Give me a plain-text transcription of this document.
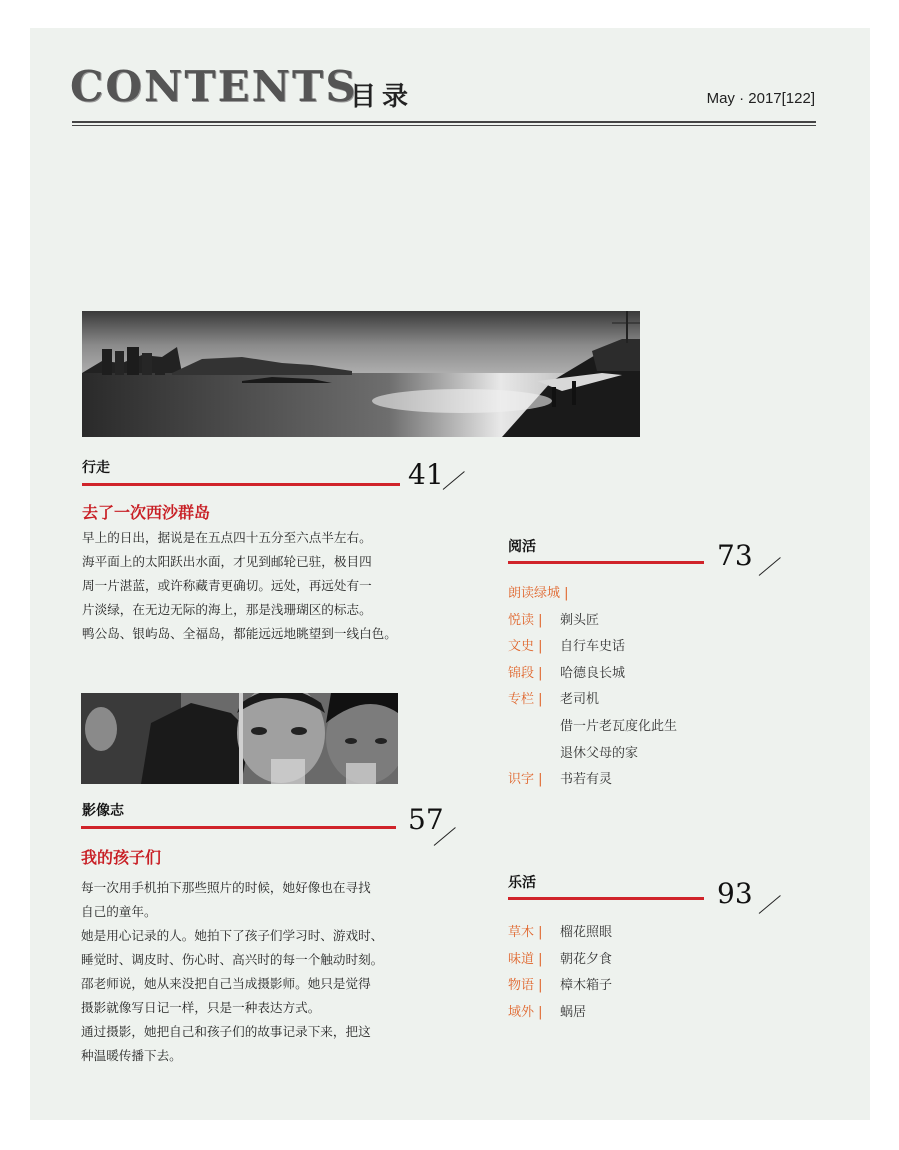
CONTENTS
目录	May · 2017[122]
行走	41
去了一次西沙群岛

早上的日出，据说是在五点四十五分至六点半左右。

海平面上的太阳跃出水面，才见到邮轮已驻，极目四

周一片湛蓝，或许称藏青更确切。远处，再远处有一

片淡绿，在无边无际的海上，那是浅珊瑚区的标志。

鸭公岛、银屿岛、全福岛，都能远远地眺望到一线白色。

影像志	57
我的孩子们

每一次用手机拍下那些照片的时候，她好像也在寻找

自己的童年。

她是用心记录的人。她拍下了孩子们学习时、游戏时、

睡觉时、调皮时、伤心时、高兴时的每一个触动时刻。

邵老师说，她从来没把自己当成摄影师。她只是觉得

摄影就像写日记一样，只是一种表达方式。

通过摄影，她把自己和孩子们的故事记录下来，把这

种温暖传播下去。

阅活	73
朗读绿城 |
悦读 |	剃头匠
文史 |	自行车史话
锦段 |	哈德良长城
专栏 |	老司机
借一片老瓦度化此生
退休父母的家
识字 |	书若有灵
乐活	93
草木 |	榴花照眼
味道 |	朝花夕食
物语 |	樟木箱子
域外 |	蜗居
